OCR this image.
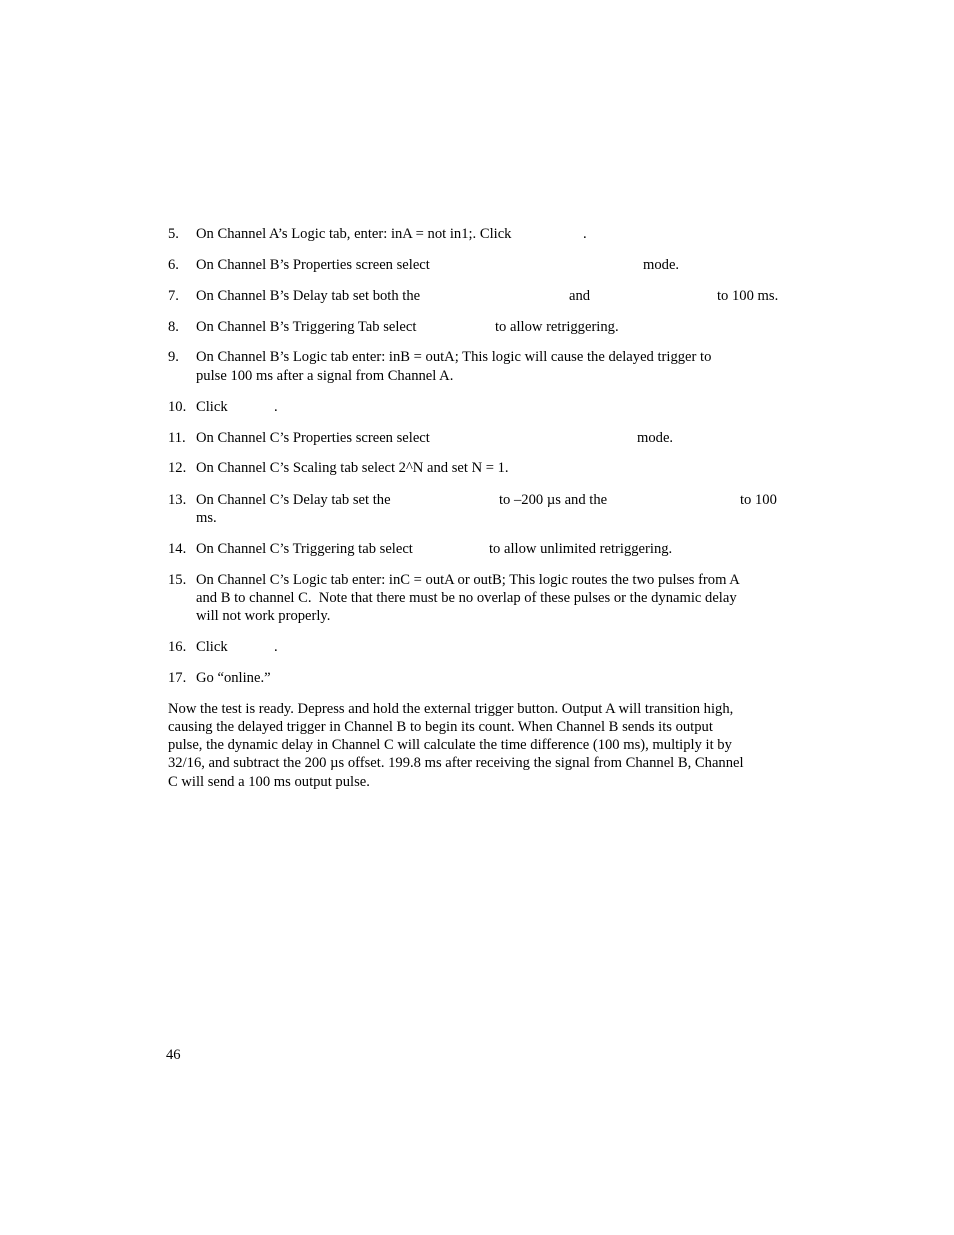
5. On Channel A’s Logic tab, enter: inA = not in1;. Click	.
6. On Channel B’s Properties screen select	mode.
7. On Channel B’s Delay tab set both the	and	to 100 ms.
8. On Channel B’s Triggering Tab select	to allow retriggering.
9. On Channel B’s Logic tab enter: inB = outA; This logic will cause the delayed trigger to
pulse 100 ms after a signal from Channel A.
10. Click	.
11. On Channel C’s Properties screen select	mode.
12. On Channel C’s Scaling tab select 2^N and set N = 1.
13. On Channel C’s Delay tab set the	to –200 µs and the	to 100
ms.
14. On Channel C’s Triggering tab select	to allow unlimited retriggering.
15. On Channel C’s Logic tab enter: inC = outA or outB; This logic routes the two pulses from A
and B to channel C.  Note that there must be no overlap of these pulses or the dynamic delay
will not work properly.
16. Click	.
17. Go “online.”
Now the test is ready. Depress and hold the external trigger button. Output A will transition high,
causing the delayed trigger in Channel B to begin its count. When Channel B sends its output
pulse, the dynamic delay in Channel C will calculate the time difference (100 ms), multiply it by
32/16, and subtract the 200 µs offset. 199.8 ms after receiving the signal from Channel B, Channel
C will send a 100 ms output pulse.
46
